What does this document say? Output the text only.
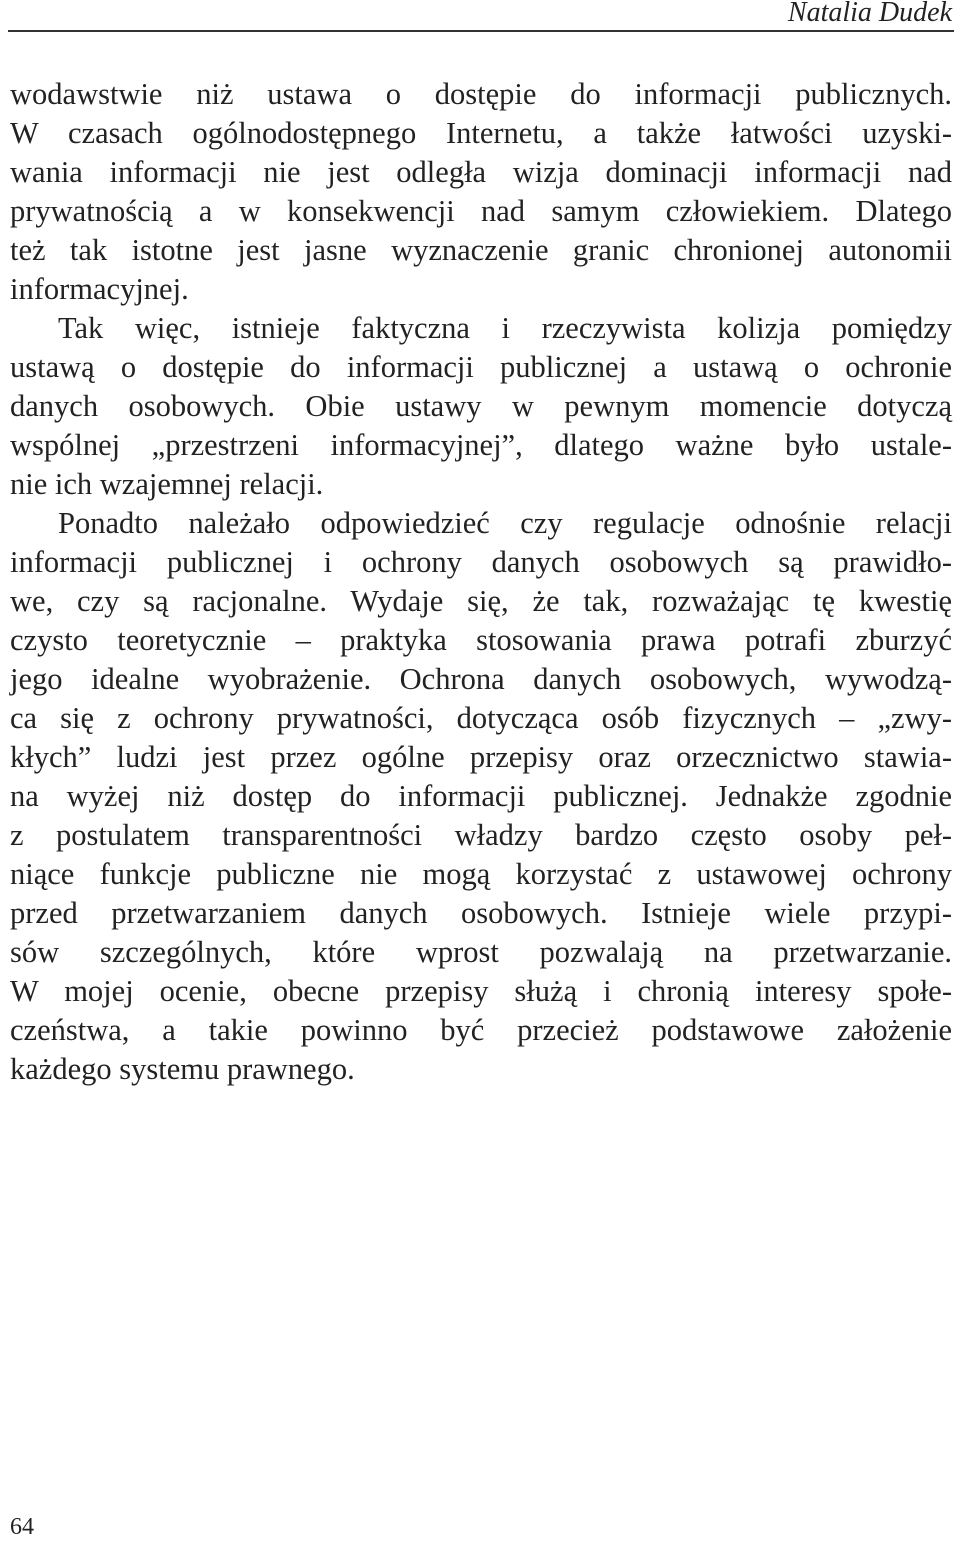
Natalia Dudek
wodawstwie niż ustawa o dostępie do informacji publicznych.
W czasach ogólnodostępnego Internetu, a także łatwości uzyski-
wania informacji nie jest odległa wizja dominacji informacji nad
prywatnością a w konsekwencji nad samym człowiekiem. Dlatego
też tak istotne jest jasne wyznaczenie granic chronionej autonomii
informacyjnej.
Tak więc, istnieje faktyczna i rzeczywista kolizja pomiędzy
ustawą o dostępie do informacji publicznej a ustawą o ochronie
danych osobowych. Obie ustawy w pewnym momencie dotyczą
wspólnej „przestrzeni informacyjnej”, dlatego ważne było ustale-
nie ich wzajemnej relacji.
Ponadto należało odpowiedzieć czy regulacje odnośnie relacji
informacji publicznej i ochrony danych osobowych są prawidło-
we, czy są racjonalne. Wydaje się, że tak, rozważając tę kwestię
czysto teoretycznie – praktyka stosowania prawa potrafi zburzyć
jego idealne wyobrażenie. Ochrona danych osobowych, wywodzą-
ca się z ochrony prywatności, dotycząca osób fizycznych – „zwy-
kłych” ludzi jest przez ogólne przepisy oraz orzecznictwo stawia-
na wyżej niż dostęp do informacji publicznej. Jednakże zgodnie
z postulatem transparentności władzy bardzo często osoby peł-
niące funkcje publiczne nie mogą korzystać z ustawowej ochrony
przed przetwarzaniem danych osobowych. Istnieje wiele przypi-
sów szczególnych, które wprost pozwalają na przetwarzanie.
W mojej ocenie, obecne przepisy służą i chronią interesy społe-
czeństwa, a takie powinno być przecież podstawowe założenie
każdego systemu prawnego.
64
